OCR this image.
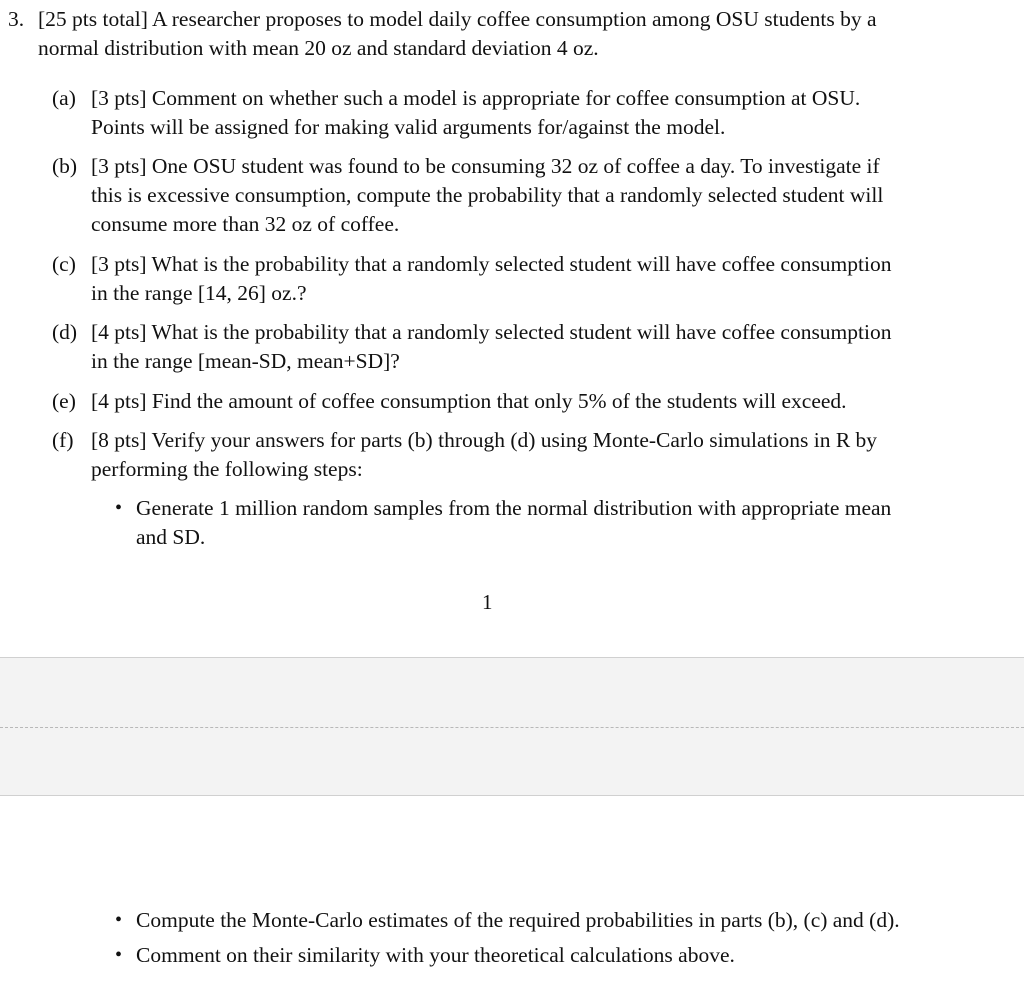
3. [25 pts total] A researcher proposes to model daily coffee consumption among OSU students by a
normal distribution with mean 20 oz and standard deviation 4 oz.
(a) [3 pts] Comment on whether such a model is appropriate for coffee consumption at OSU.
Points will be assigned for making valid arguments for/against the model.
(b) [3 pts] One OSU student was found to be consuming 32 oz of coffee a day. To investigate if
this is excessive consumption, compute the probability that a randomly selected student will
consume more than 32 oz of coffee.
(c) [3 pts] What is the probability that a randomly selected student will have coffee consumption
in the range [14, 26] oz.?
(d) [4 pts] What is the probability that a randomly selected student will have coffee consumption
in the range [mean-SD, mean+SD]?
(e) [4 pts] Find the amount of coffee consumption that only 5% of the students will exceed.
(f) [8 pts] Verify your answers for parts (b) through (d) using Monte-Carlo simulations in R by
performing the following steps:
• Generate 1 million random samples from the normal distribution with appropriate mean
and SD.
1
• Compute the Monte-Carlo estimates of the required probabilities in parts (b), (c) and (d).
• Comment on their similarity with your theoretical calculations above.
